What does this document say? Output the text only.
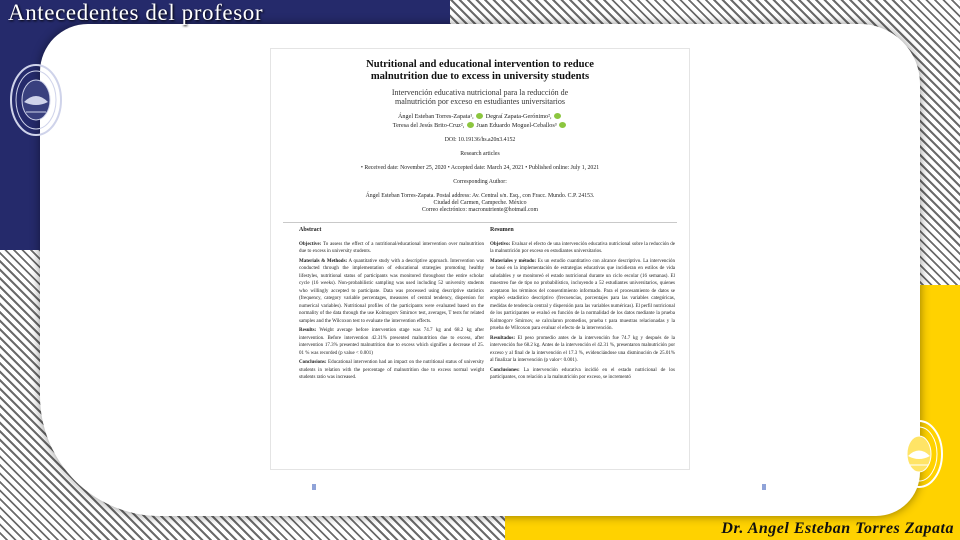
Antecedentes del profesor
Nutritional and educational intervention to reduce
malnutrition due to excess in university students
Intervención educativa nutricional para la reducción de
malnutrición por exceso en estudiantes universitarios
Ángel Esteban Torres-Zapata¹, Degraí Zapata-Gerónimo²,
Teresa del Jesús Brito-Cruz², Juan Eduardo Moguel-Ceballos³
DOI: 10.19136/hs.a20n3.4152
Research articles
• Received date: November 25, 2020 • Accepted date: March 24, 2021 • Published online: July 1, 2021
Corresponding Author:
Ángel Esteban Torres-Zapata. Postal address: Av. Central s/n. Esq., con Fracc. Mundo. C.P. 24153.
Ciudad del Carmen, Campeche. México
Correo electrónico: macronutriente@hotmail.com
Abstract
Objective: To assess the effect of a nutritional/educational intervention over malnutrition due to excess in university students.
Materials & Methods: A quantitative study with a descriptive approach. Intervention was conducted through the implementation of educational strategies promoting healthy lifestyles, nutritional status of participants was monitored throughout the entire scholar cycle (16 weeks). Non-probabilistic sampling was used including 52 university students who willingly accepted to participate. Data was processed using descriptive statistics (frequency, category variable percentages, measures of central tendency, dispersion for numerical variables). Nutritional profiles of the participants were evaluated based on the normality of the data through the use Kolmogorv Smirnov test, averages, T tests for related samples and the Wilcoxon test to evaluate the intervention effects.
Results: Weight average before intervention stage was 74.7 kg and 68.2 kg after intervention. Before intervention 42.31% presented malnutrition due to excess, after intervention 17.3% presented malnutrition due to excess which signifies a decrease of 25. 01 % was recorded (p value < 0.001)
Conclusions: Educational intervention had an impact on the nutritional status of university students in relation with the percentage of malnutrition due to excess normal weight students ratio was increased.
Resumen
Objetivo: Evaluar el efecto de una intervención educativa nutricional sobre la reducción de la malnutrición por exceso en estudiantes universitarios.
Materiales y método: Es un estudio cuantitativo con alcance descriptivo. La intervención se basó en la implementación de estrategias educativas que incidieran en estilos de vida saludables y se monitoreó el estado nutricional durante un ciclo escolar (16 semanas). El muestreo fue de tipo no probabilístico, incluyendo a 52 estudiantes universitarios, quienes aceptaron los términos del consentimiento informado. Para el procesamiento de datos se empleó estadístico descriptivo (frecuencias, porcentajes para las variables categóricas, medidas de tendencia central y dispersión para las variables numéricas). El perfil nutricional de los participantes se evaluó en función de la normalidad de los datos mediante la prueba Kolmogorv Smirnov, se calcularon promedios, prueba t para muestras relacionadas y la prueba de Wilcoxon para evaluar el efecto de la intervención.
Resultados: El peso promedio antes de la intervención fue 74.7 kg y después de la intervención fue 68.2 kg. Antes de la intervención el 42.31 %, presentaron malnutrición por exceso y al final de la intervención el 17.3 %, evidenciándose una disminución de 25.01% al finalizar la intervención (p valor< 0.001).
Conclusiones: La intervención educativa incidió en el estado nutricional de los participantes, con relación a la malnutrición por exceso, se incrementó
Dr. Angel Esteban Torres Zapata
